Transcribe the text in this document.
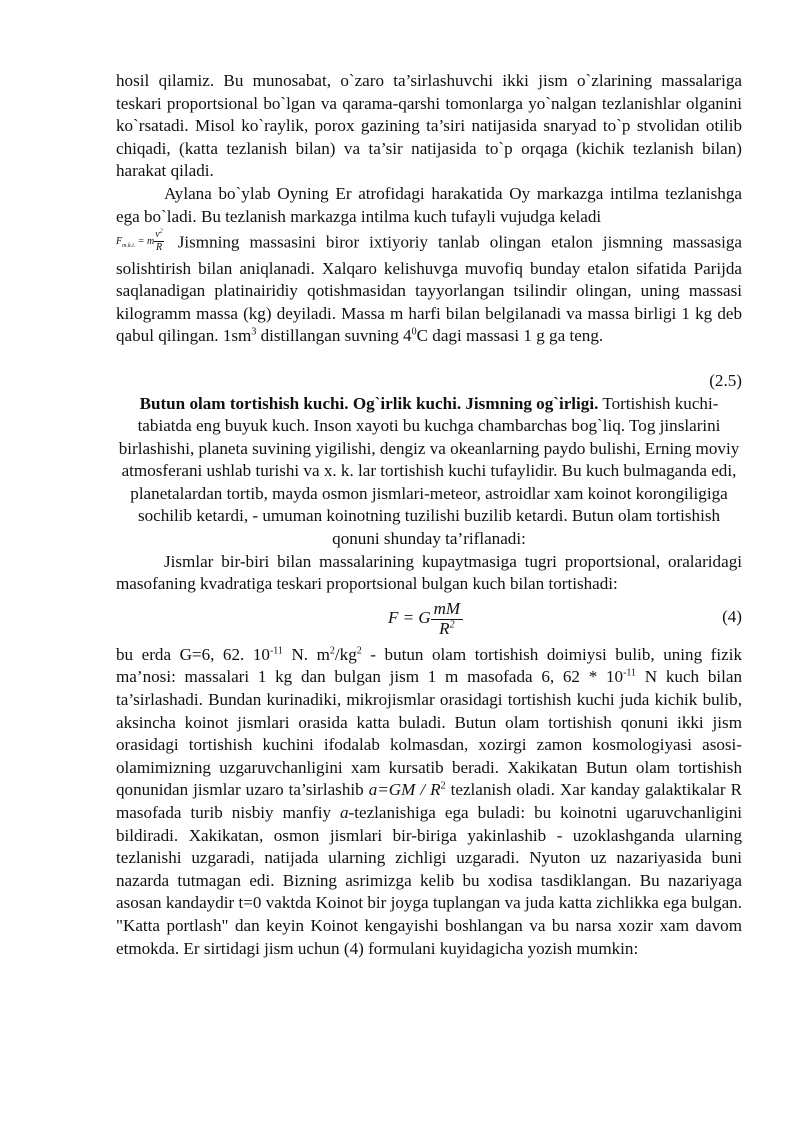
hosil qilamiz. Bu munosabat, o`zaro ta’sirlashuvchi ikki jism o`zlarining massalariga teskari proportsional bo`lgan va qarama-qarshi tomonlarga yo`nalgan tezlanishlar olganini ko`rsatadi. Misol ko`raylik, porox gazining ta’siri natijasida snaryad to`p stvolidan otilib chiqadi, (katta tezlanish bilan) va ta’sir natijasida to`p orqaga (kichik tezlanish bilan) harakat qiladi.

Aylana bo`ylab Oyning Er atrofidagi harakatida Oy markazga intilma tezlanishga ega bo`ladi. Bu tezlanish markazga intilma kuch tufayli vujudga keladi

$F_{m.k.i.} = m \frac{v^2}{R}$ Jismning massasini biror ixtiyoriy tanlab olingan etalon jismning massasiga solishtirish bilan aniqlanadi. Xalqaro kelishuvga muvofiq bunday etalon sifatida Parijda saqlanadigan platinairidiy qotishmasidan tayyorlangan tsilindir olingan, uning massasi kilogramm massa (kg) deyiladi. Massa m harfi bilan belgilanadi va massa birligi 1 kg deb qabul qilingan. $1sm^3$ distillangan suvning $4^0C$ dagi massasi 1 g ga teng.

(2.5)

Butun olam tortishish kuchi. Og`irlik kuchi. Jismning og`irligi. Tortishish kuchi- tabiatda eng buyuk kuch. Inson xayoti bu kuchga chambarchas bog`liq. Tog jinslarini birlashishi, planeta suvining yigilishi, dengiz va okeanlarning paydo bulishi, Erning moviy atmosferani ushlab turishi va x. k. lar tortishish kuchi tufaylidir. Bu kuch bulmaganda edi, planetalardan tortib, mayda osmon jismlari-meteor, astroidlar xam koinot korongiligiga sochilib ketardi, - umuman koinotning tuzilishi buzilib ketardi. Butun olam tortishish qonuni shunday ta’riflanadi:

Jismlar bir-biri bilan massalarining kupaytmasiga tugri proportsional, oralaridagi masofaning kvadratiga teskari proportsional bulgan kuch bilan tortishadi:

F = G $\frac{mM}{R^2}$	(4)

bu erda G=6, 62. $10^{-11}$ N. $m^2/kg^2$ - butun olam tortishish doimiysi bulib, uning fizik ma’nosi: massalari 1 kg dan bulgan jism 1 m masofada 6, $62 * 10^{-11}$ N kuch bilan ta’sirlashadi. Bundan kurinadiki, mikrojismlar orasidagi tortishish kuchi juda kichik bulib, aksincha koinot jismlari orasida katta buladi. Butun olam tortishish qonuni ikki jism orasidagi tortishish kuchini ifodalab kolmasdan, xozirgi zamon kosmologiyasi asosi-olamimizning uzgaruvchanligini xam kursatib beradi. Xakikatan Butun olam tortishish qonunidan jismlar uzaro ta’sirlashib $a=GM / R^2$ tezlanish oladi. Xar kanday galaktikalar R masofada turib nisbiy manfiy a-tezlanishiga ega buladi: bu koinotni ugaruvchanligini bildiradi. Xakikatan, osmon jismlari bir-biriga yakinlashib - uzoklashganda ularning tezlanishi uzgaradi, natijada ularning zichligi uzgaradi. Nyuton uz nazariyasida buni nazarda tutmagan edi. Bizning asrimizga kelib bu xodisa tasdiklangan. Bu nazariyaga asosan kandaydir t=0 vaktda Koinot bir joyga tuplangan va juda katta zichlikka ega bulgan. "Katta portlash" dan keyin Koinot kengayishi boshlangan va bu narsa xozir xam davom etmokda. Er sirtidagi jism uchun (4) formulani kuyidagicha yozish mumkin:
